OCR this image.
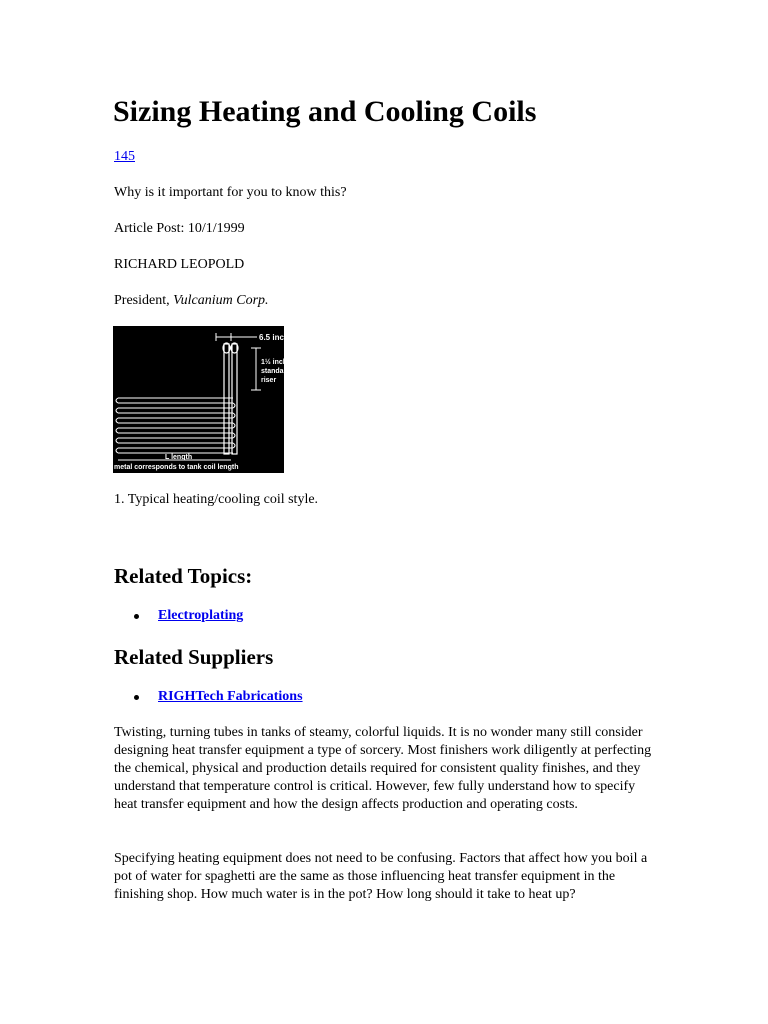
Sizing Heating and Cooling Coils
145
Why is it important for you to know this?
Article Post: 10/1/1999
RICHARD LEOPOLD
President, Vulcanium Corp.
6.5 inch
1½ inch
standard
riser
L length
metal corresponds to tank coil length
1. Typical heating/cooling coil style.
Related Topics:
Electroplating
Related Suppliers
RIGHTech Fabrications

Twisting, turning tubes in tanks of steamy, colorful liquids. It is no wonder many still consider designing heat transfer equipment a type of sorcery. Most finishers work diligently at perfecting the chemical, physical and production details required for consistent quality finishes, and they understand that temperature control is critical. However, few fully understand how to specify heat transfer equipment and how the design affects production and operating costs.

Specifying heating equipment does not need to be confusing. Factors that affect how you boil a pot of water for spaghetti are the same as those influencing heat transfer equipment in the finishing shop. How much water is in the pot? How long should it take to heat up?
